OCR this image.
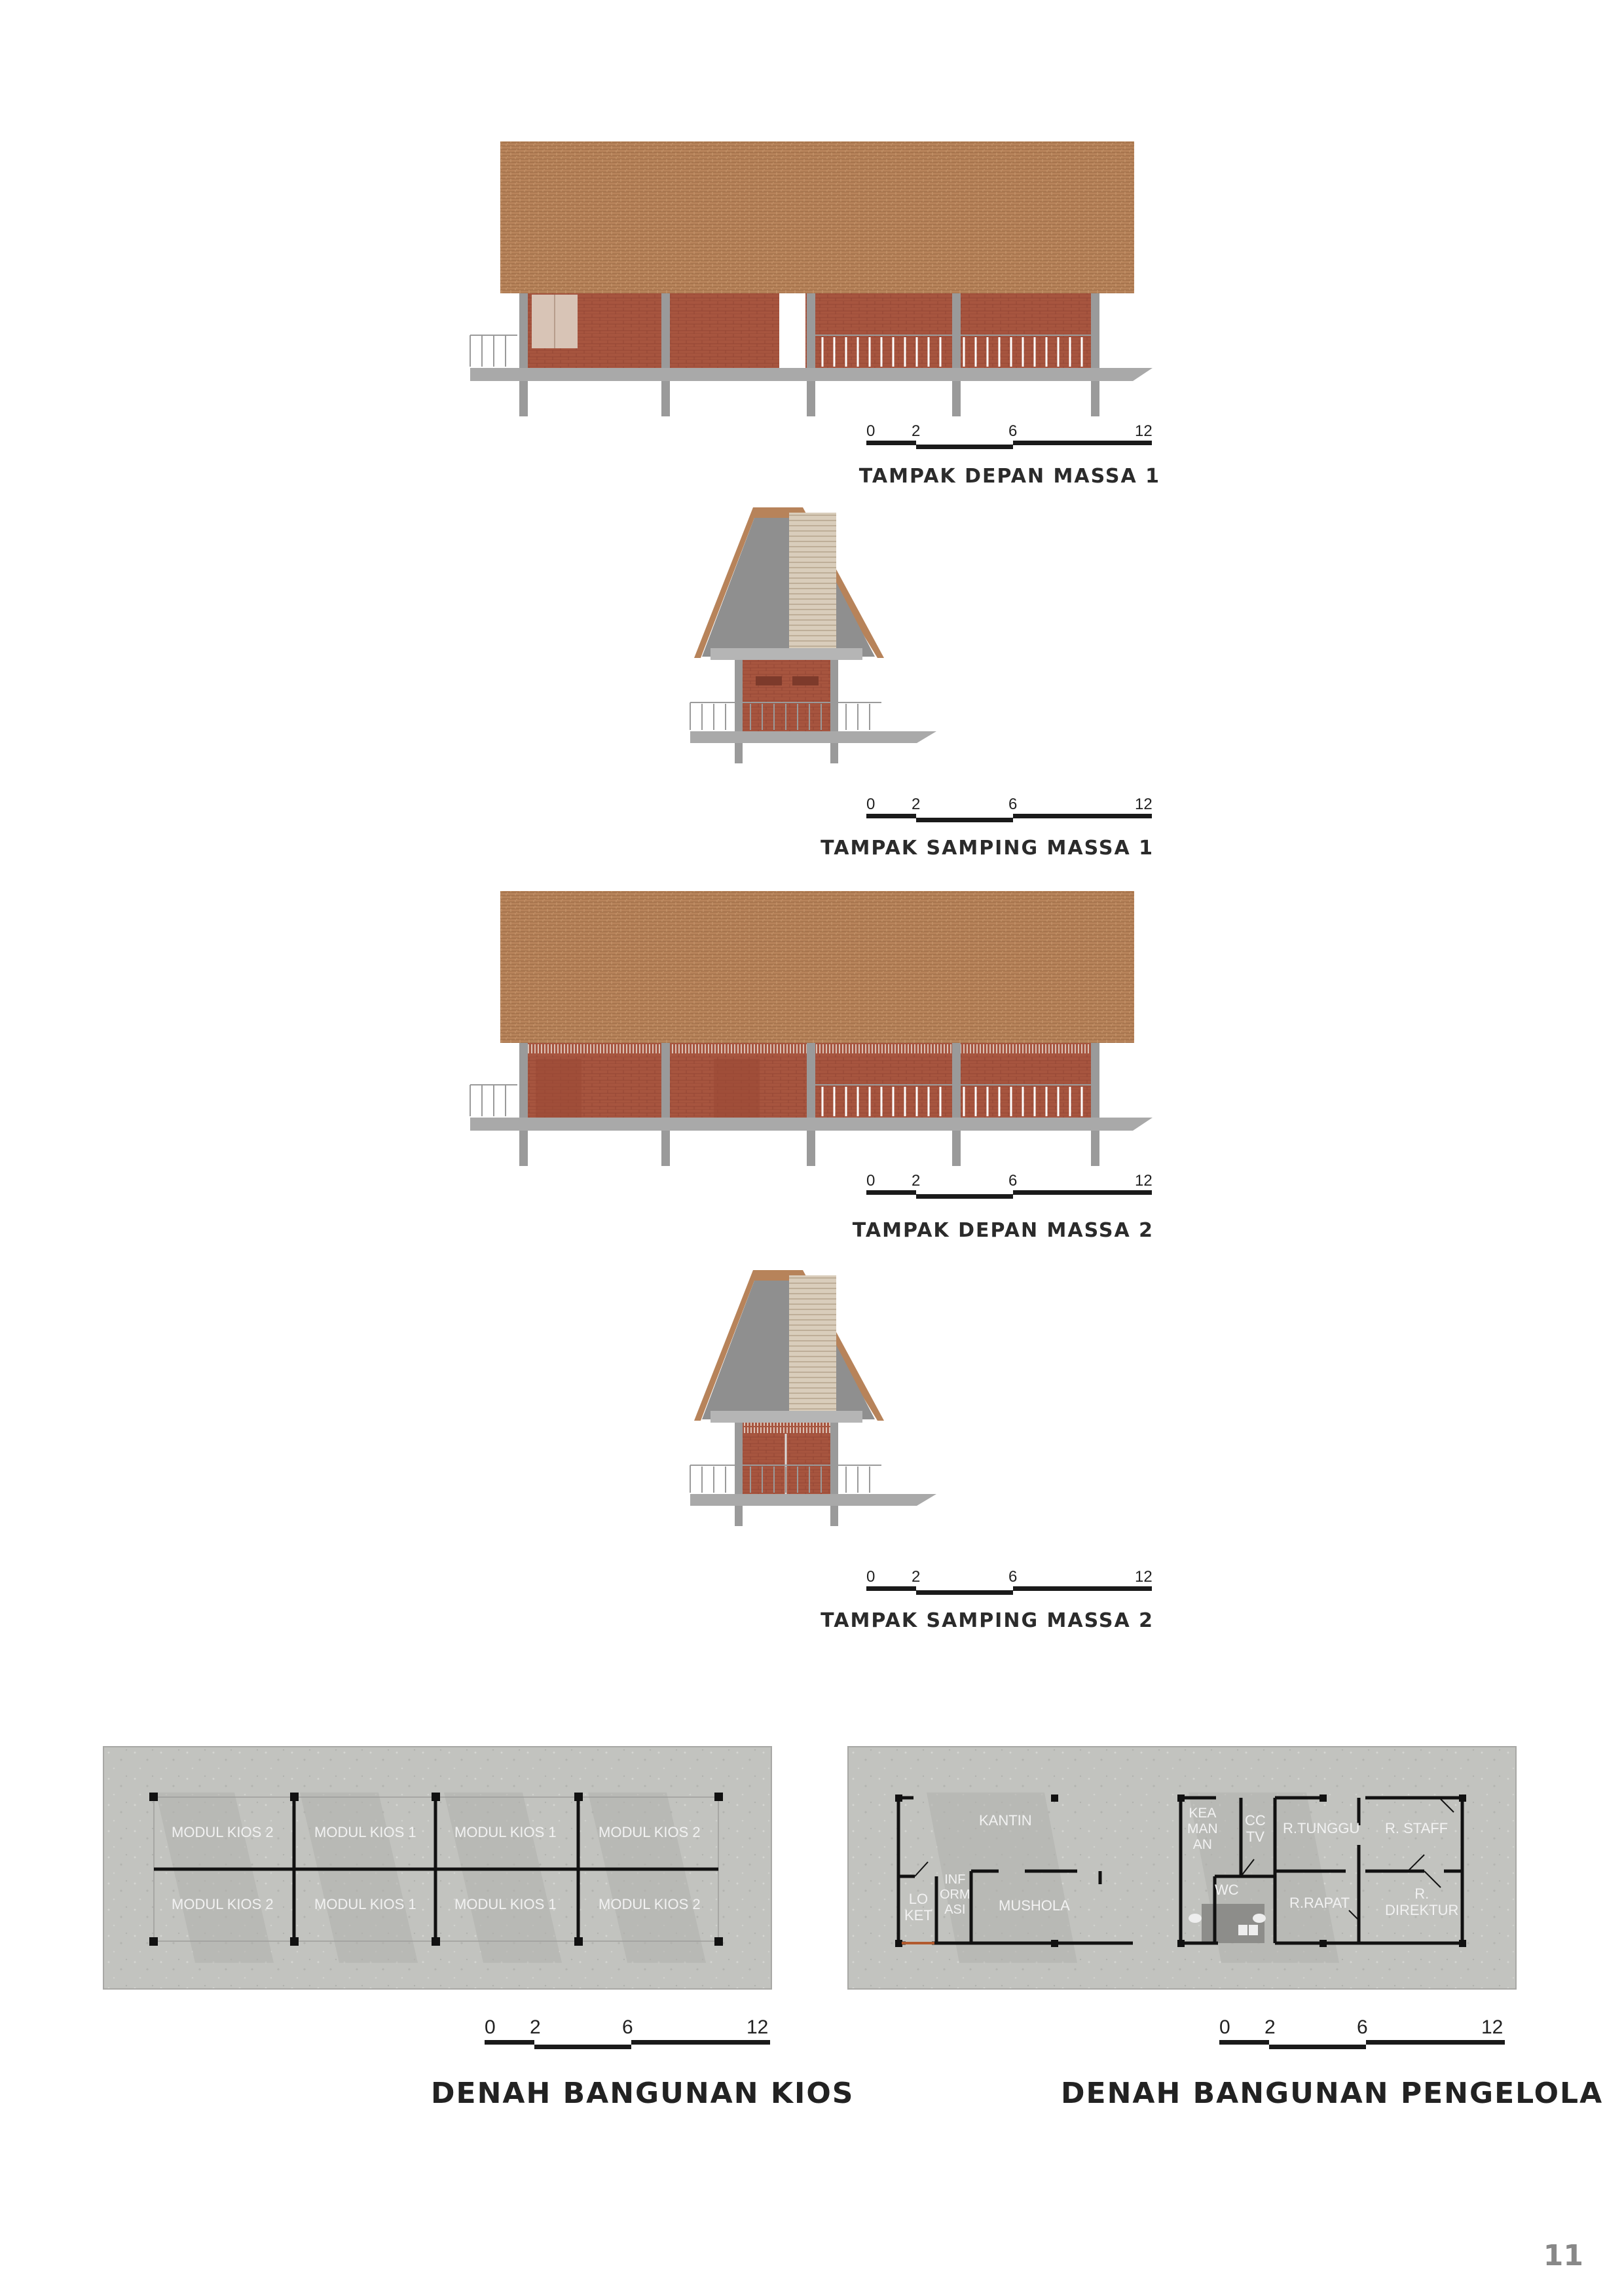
0 2	6	12
TAMPAK DEPAN MASSA 1
0 2	6	12
TAMPAK SAMPING MASSA 1
0 2	6	12
TAMPAK DEPAN MASSA 2
0 2	6	12
TAMPAK SAMPING MASSA 2
MODUL KIOS 2	MODUL KIOS 1	MODUL KIOS 1	MODUL KIOS 2
MODUL KIOS 2	MODUL KIOS 1	MODUL KIOS 1	MODUL KIOS 2
0 2	6	12
DENAH BANGUNAN KIOS
KANTIN	KEA
MAN
AN
CC
TV
R.TUNGGU R. STAFF
INF
ORM
ASI
LO
KET
MUSHOLA
WC
R.RAPAT
R.
DIREKTUR
0 2	6	12
DENAH BANGUNAN PENGELOLA
11
